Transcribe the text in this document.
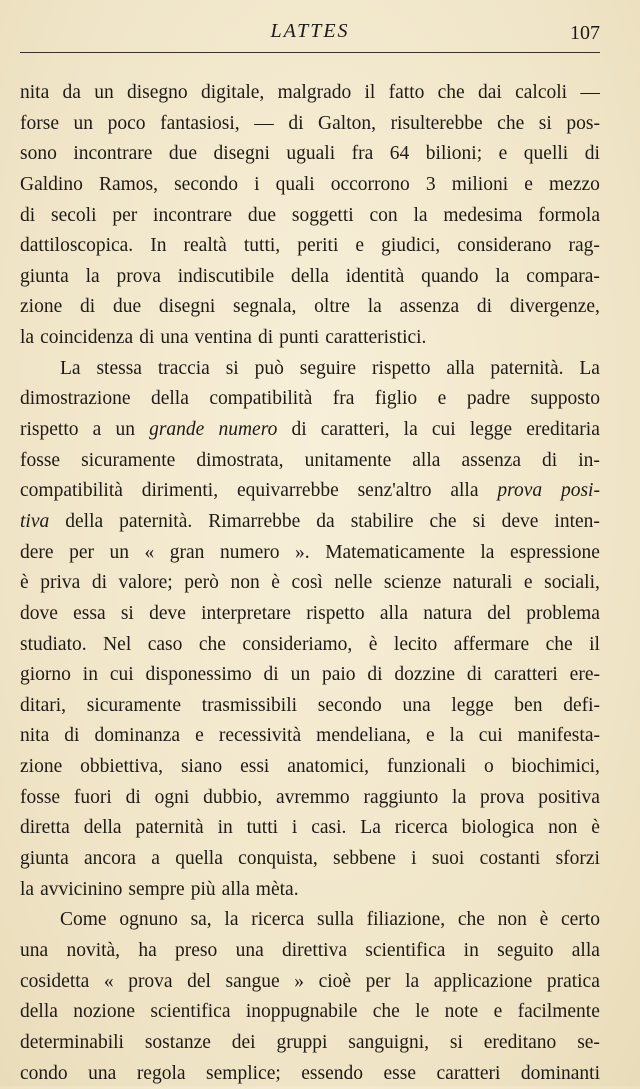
LATTES	107
nita da un disegno digitale, malgrado il fatto che dai calcoli —
forse un poco fantasiosi, — di Galton, risulterebbe che si pos-
sono incontrare due disegni uguali fra 64 bilioni; e quelli di
Galdino Ramos, secondo i quali occorrono 3 milioni e mezzo
di secoli per incontrare due soggetti con la medesima formola
dattiloscopica. In realtà tutti, periti e giudici, considerano rag-
giunta la prova indiscutibile della identità quando la compara-
zione di due disegni segnala, oltre la assenza di divergenze,
la coincidenza di una ventina di punti caratteristici.
La stessa traccia si può seguire rispetto alla paternità. La
dimostrazione della compatibilità fra figlio e padre supposto
rispetto a un grande numero di caratteri, la cui legge ereditaria
fosse sicuramente dimostrata, unitamente alla assenza di in-
compatibilità dirimenti, equivarrebbe senz'altro alla prova posi-
tiva della paternità. Rimarrebbe da stabilire che si deve inten-
dere per un « gran numero ». Matematicamente la espressione
è priva di valore; però non è così nelle scienze naturali e sociali,
dove essa si deve interpretare rispetto alla natura del problema
studiato. Nel caso che consideriamo, è lecito affermare che il
giorno in cui disponessimo di un paio di dozzine di caratteri ere-
ditari, sicuramente trasmissibili secondo una legge ben defi-
nita di dominanza e recessività mendeliana, e la cui manifesta-
zione obbiettiva, siano essi anatomici, funzionali o biochimici,
fosse fuori di ogni dubbio, avremmo raggiunto la prova positiva
diretta della paternità in tutti i casi. La ricerca biologica non è
giunta ancora a quella conquista, sebbene i suoi costanti sforzi
la avvicinino sempre più alla mèta.
Come ognuno sa, la ricerca sulla filiazione, che non è certo
una novità, ha preso una direttiva scientifica in seguito alla
cosidetta « prova del sangue » cioè per la applicazione pratica
della nozione scientifica inoppugnabile che le note e facilmente
determinabili sostanze dei gruppi sanguigni, si ereditano se-
condo una regola semplice; essendo esse caratteri dominanti
